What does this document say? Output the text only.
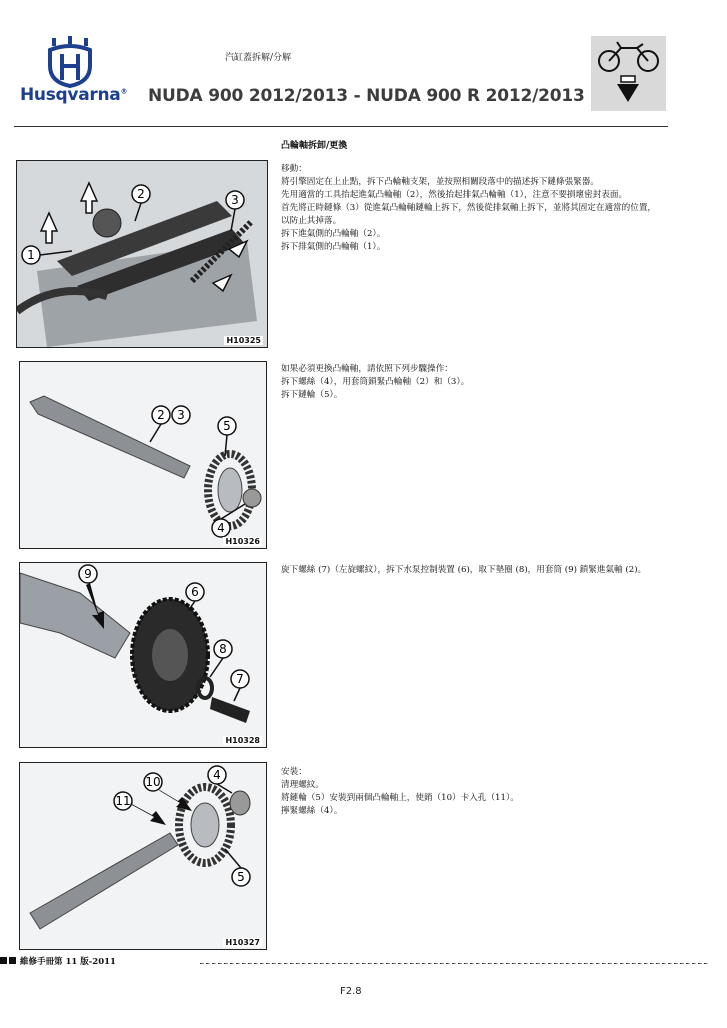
Husqvarna®
汽缸蓋拆解/分解
NUDA 900 2012/2013 - NUDA 900 R 2012/2013
凸輪軸拆卸/更換

移動：

將引擎固定在上止點，拆下凸輪軸支架，並按照相關段落中的描述拆下鏈條張緊器。

先用適當的工具抬起進氣凸輪軸（2），然後抬起排氣凸輪軸（1），注意不要損壞密封表面。

首先將正時鏈條（3）從進氣凸輪軸鏈輪上拆下，然後從排氣軸上拆下，並將其固定在適當的位置，

以防止其掉落。

拆下進氣側的凸輪軸（2）。

拆下排氣側的凸輪軸（1）。

如果必須更換凸輪軸，請依照下列步驟操作：

拆下螺絲（4），用套筒鎖緊凸輪軸（2）和（3）。

拆下鏈輪（5）。

旋下螺絲 (7)（左旋螺紋），拆下水泵控制裝置 (6)，取下墊圈 (8)，用套筒 (9) 鎖緊進氣軸 (2)。

安裝：

清理螺紋。

將鏈輪（5）安裝到兩個凸輪軸上，使銷（10）卡入孔（11）。

擰緊螺絲（4）。

1
2	3
H10325
2 3
4
5
H10326
9
6
8
7
H10328
10	4
11
5
H10327
維修手冊第 11 版-2011
F2.8
